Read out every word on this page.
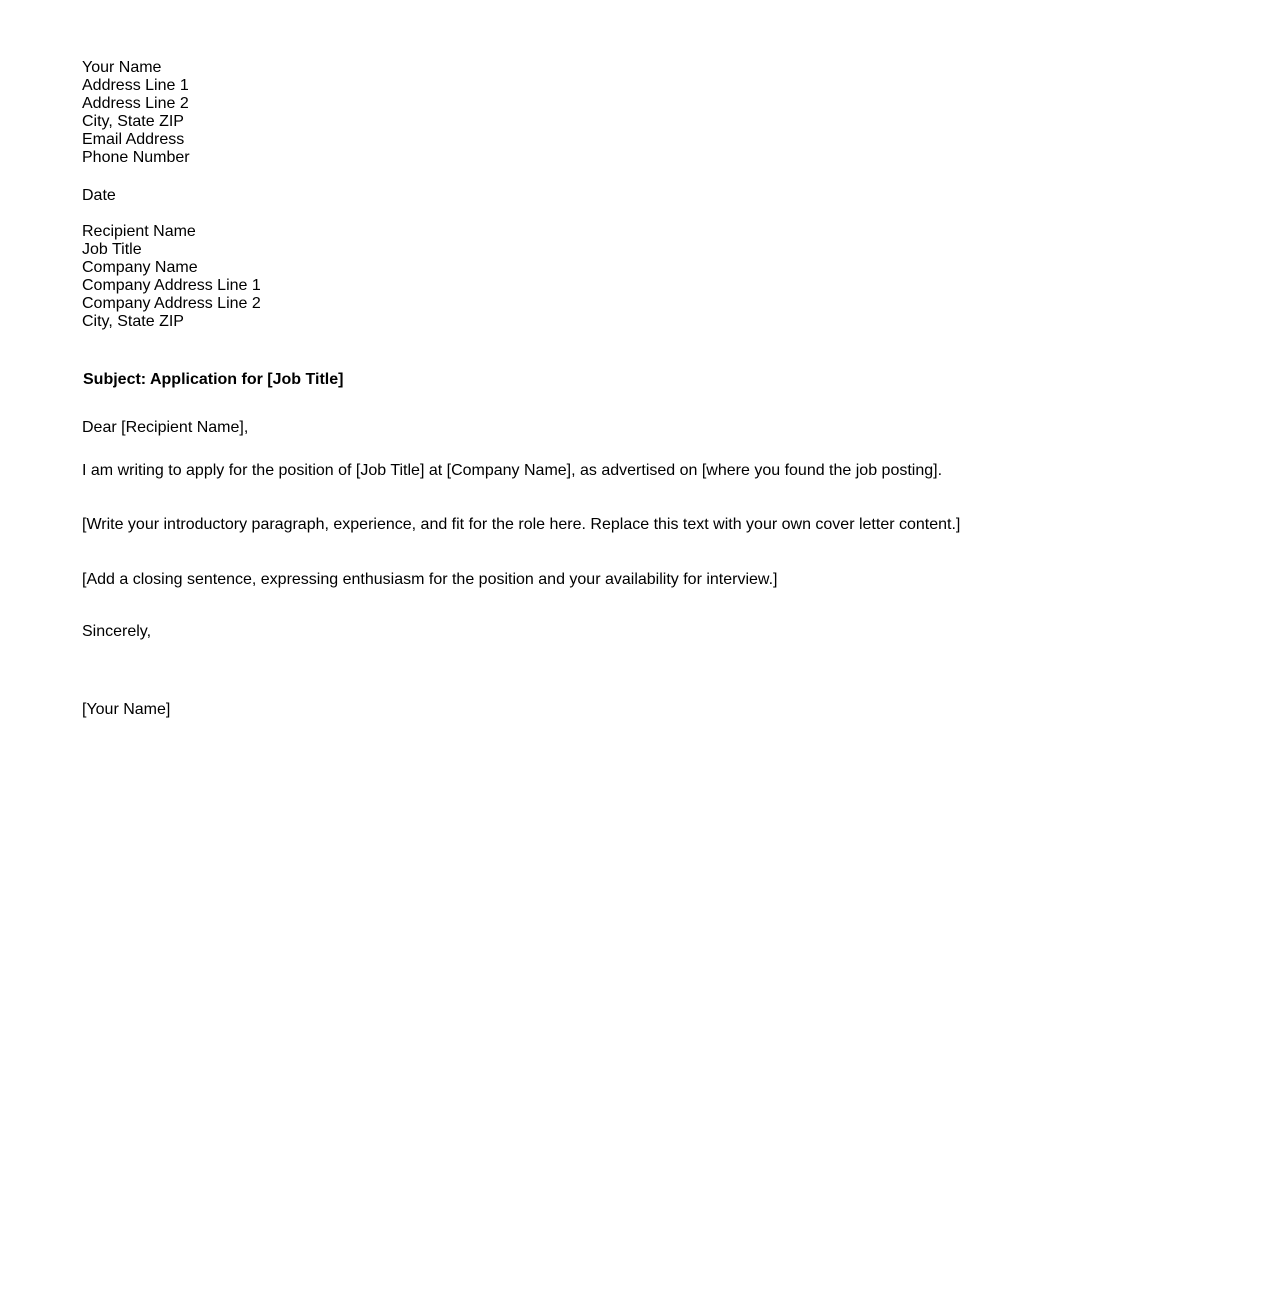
Your Name
Address Line 1
Address Line 2
City, State ZIP
Email Address
Phone Number
Date
Recipient Name
Job Title
Company Name
Company Address Line 1
Company Address Line 2
City, State ZIP
Subject: Application for [Job Title]
Dear [Recipient Name],
I am writing to apply for the position of [Job Title] at [Company Name], as advertised on [where you found the job posting].
[Write your introductory paragraph, experience, and fit for the role here. Replace this text with your own cover letter content.]
[Add a closing sentence, expressing enthusiasm for the position and your availability for interview.]
Sincerely,
[Your Name]
